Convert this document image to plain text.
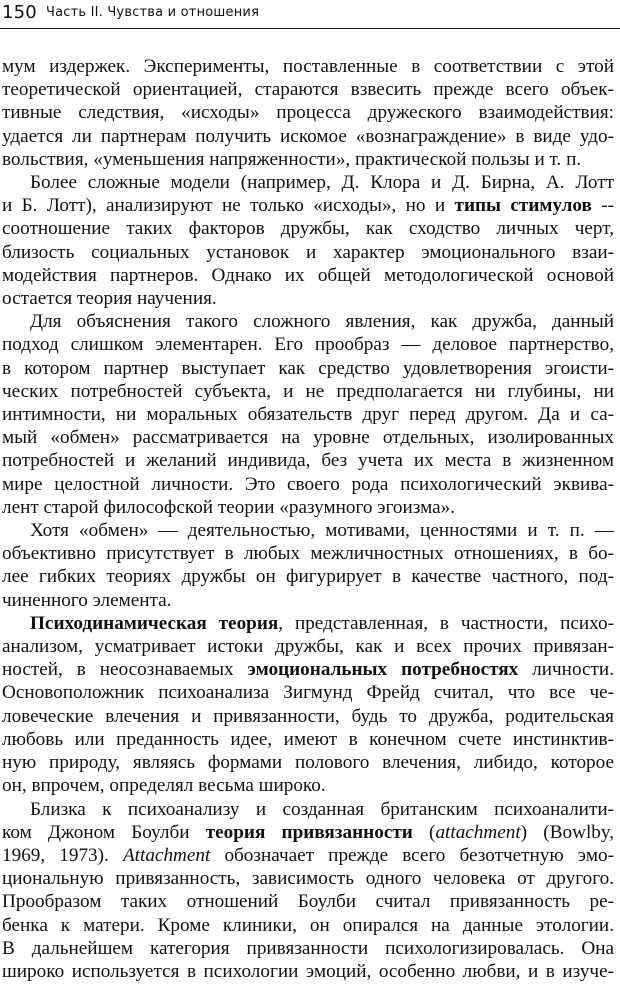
150 Часть II. Чувства и отношения

мум издержек. Эксперименты, поставленные в соответствии с этой
теоретической ориентацией, стараются взвесить прежде всего объек-
тивные следствия, «исходы» процесса дружеского взаимодействия:
удается ли партнерам получить искомое «вознаграждение» в виде удо-
вольствия, «уменьшения напряженности», практической пользы и т. п.

Более сложные модели (например, Д. Клора и Д. Бирна, А. Лотт
и Б. Лотт), анализируют не только «исходы», но и типы стимулов --
соотношение таких факторов дружбы, как сходство личных черт,
близость социальных установок и характер эмоционального взаи-
модействия партнеров. Однако их общей методологической основой
остается теория научения.

Для объяснения такого сложного явления, как дружба, данный
подход слишком элементарен. Его прообраз — деловое партнерство,
в котором партнер выступает как средство удовлетворения эгоисти-
ческих потребностей субъекта, и не предполагается ни глубины, ни
интимности, ни моральных обязательств друг перед другом. Да и са-
мый «обмен» рассматривается на уровне отдельных, изолированных
потребностей и желаний индивида, без учета их места в жизненном
мире целостной личности. Это своего рода психологический эквива-
лент старой философской теории «разумного эгоизма».

Хотя «обмен» — деятельностью, мотивами, ценностями и т. п. —
объективно присутствует в любых межличностных отношениях, в бо-
лее гибких теориях дружбы он фигурирует в качестве частного, под-
чиненного элемента.

Психодинамическая теория, представленная, в частности, психо-
анализом, усматривает истоки дружбы, как и всех прочих привязан-
ностей, в неосознаваемых эмоциональных потребностях личности.
Основоположник психоанализа Зигмунд Фрейд считал, что все че-
ловеческие влечения и привязанности, будь то дружба, родительская
любовь или преданность идее, имеют в конечном счете инстинктив-
ную природу, являясь формами полового влечения, либидо, которое
он, впрочем, определял весьма широко.

Близка к психоанализу и созданная британским психоаналити-
ком Джоном Боулби теория привязанности (attachment) (Bowlby,
1969, 1973). Attachment обозначает прежде всего безотчетную эмо-
циональную привязанность, зависимость одного человека от другого.
Прообразом таких отношений Боулби считал привязанность ре-
бенка к матери. Кроме клиники, он опирался на данные этологии.
В дальнейшем категория привязанности психологизировалась. Она
широко используется в психологии эмоций, особенно любви, и в изуче-
